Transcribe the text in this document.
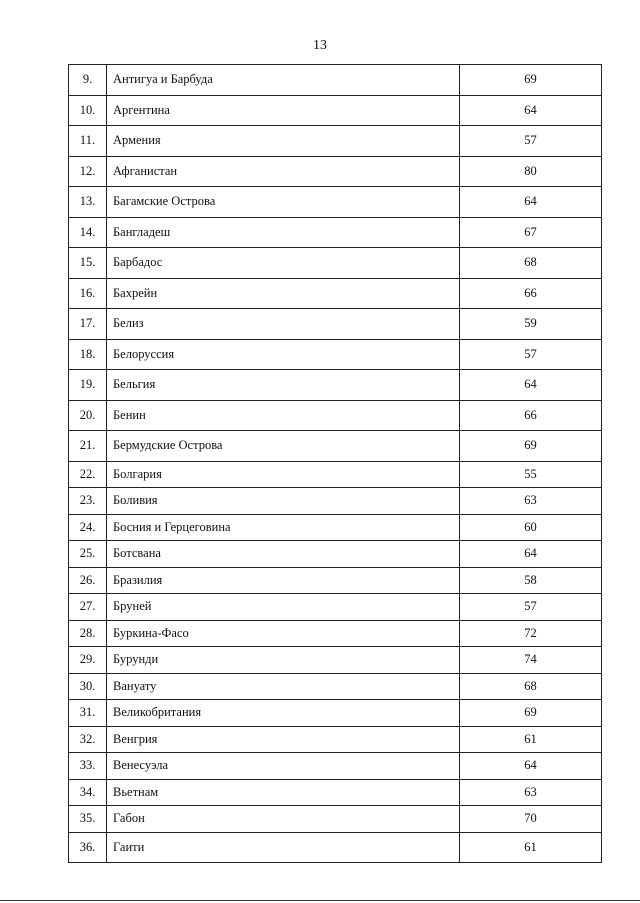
13
9.	Антигуа и Барбуда	69
10.	Аргентина	64
11.	Армения	57
12.	Афганистан	80
13.	Багамские Острова	64
14.	Бангладеш	67
15.	Барбадос	68
16.	Бахрейн	66
17.	Белиз	59
18.	Белоруссия	57
19.	Бельгия	64
20.	Бенин	66
21.	Бермудские Острова	69
22.	Болгария	55
23.	Боливия	63
24.	Босния и Герцеговина	60
25.	Ботсвана	64
26.	Бразилия	58
27.	Бруней	57
28.	Буркина-Фасо	72
29.	Бурунди	74
30.	Вануату	68
31.	Великобритания	69
32.	Венгрия	61
33.	Венесуэла	64
34.	Вьетнам	63
35.	Габон	70
36.	Гаити	61
